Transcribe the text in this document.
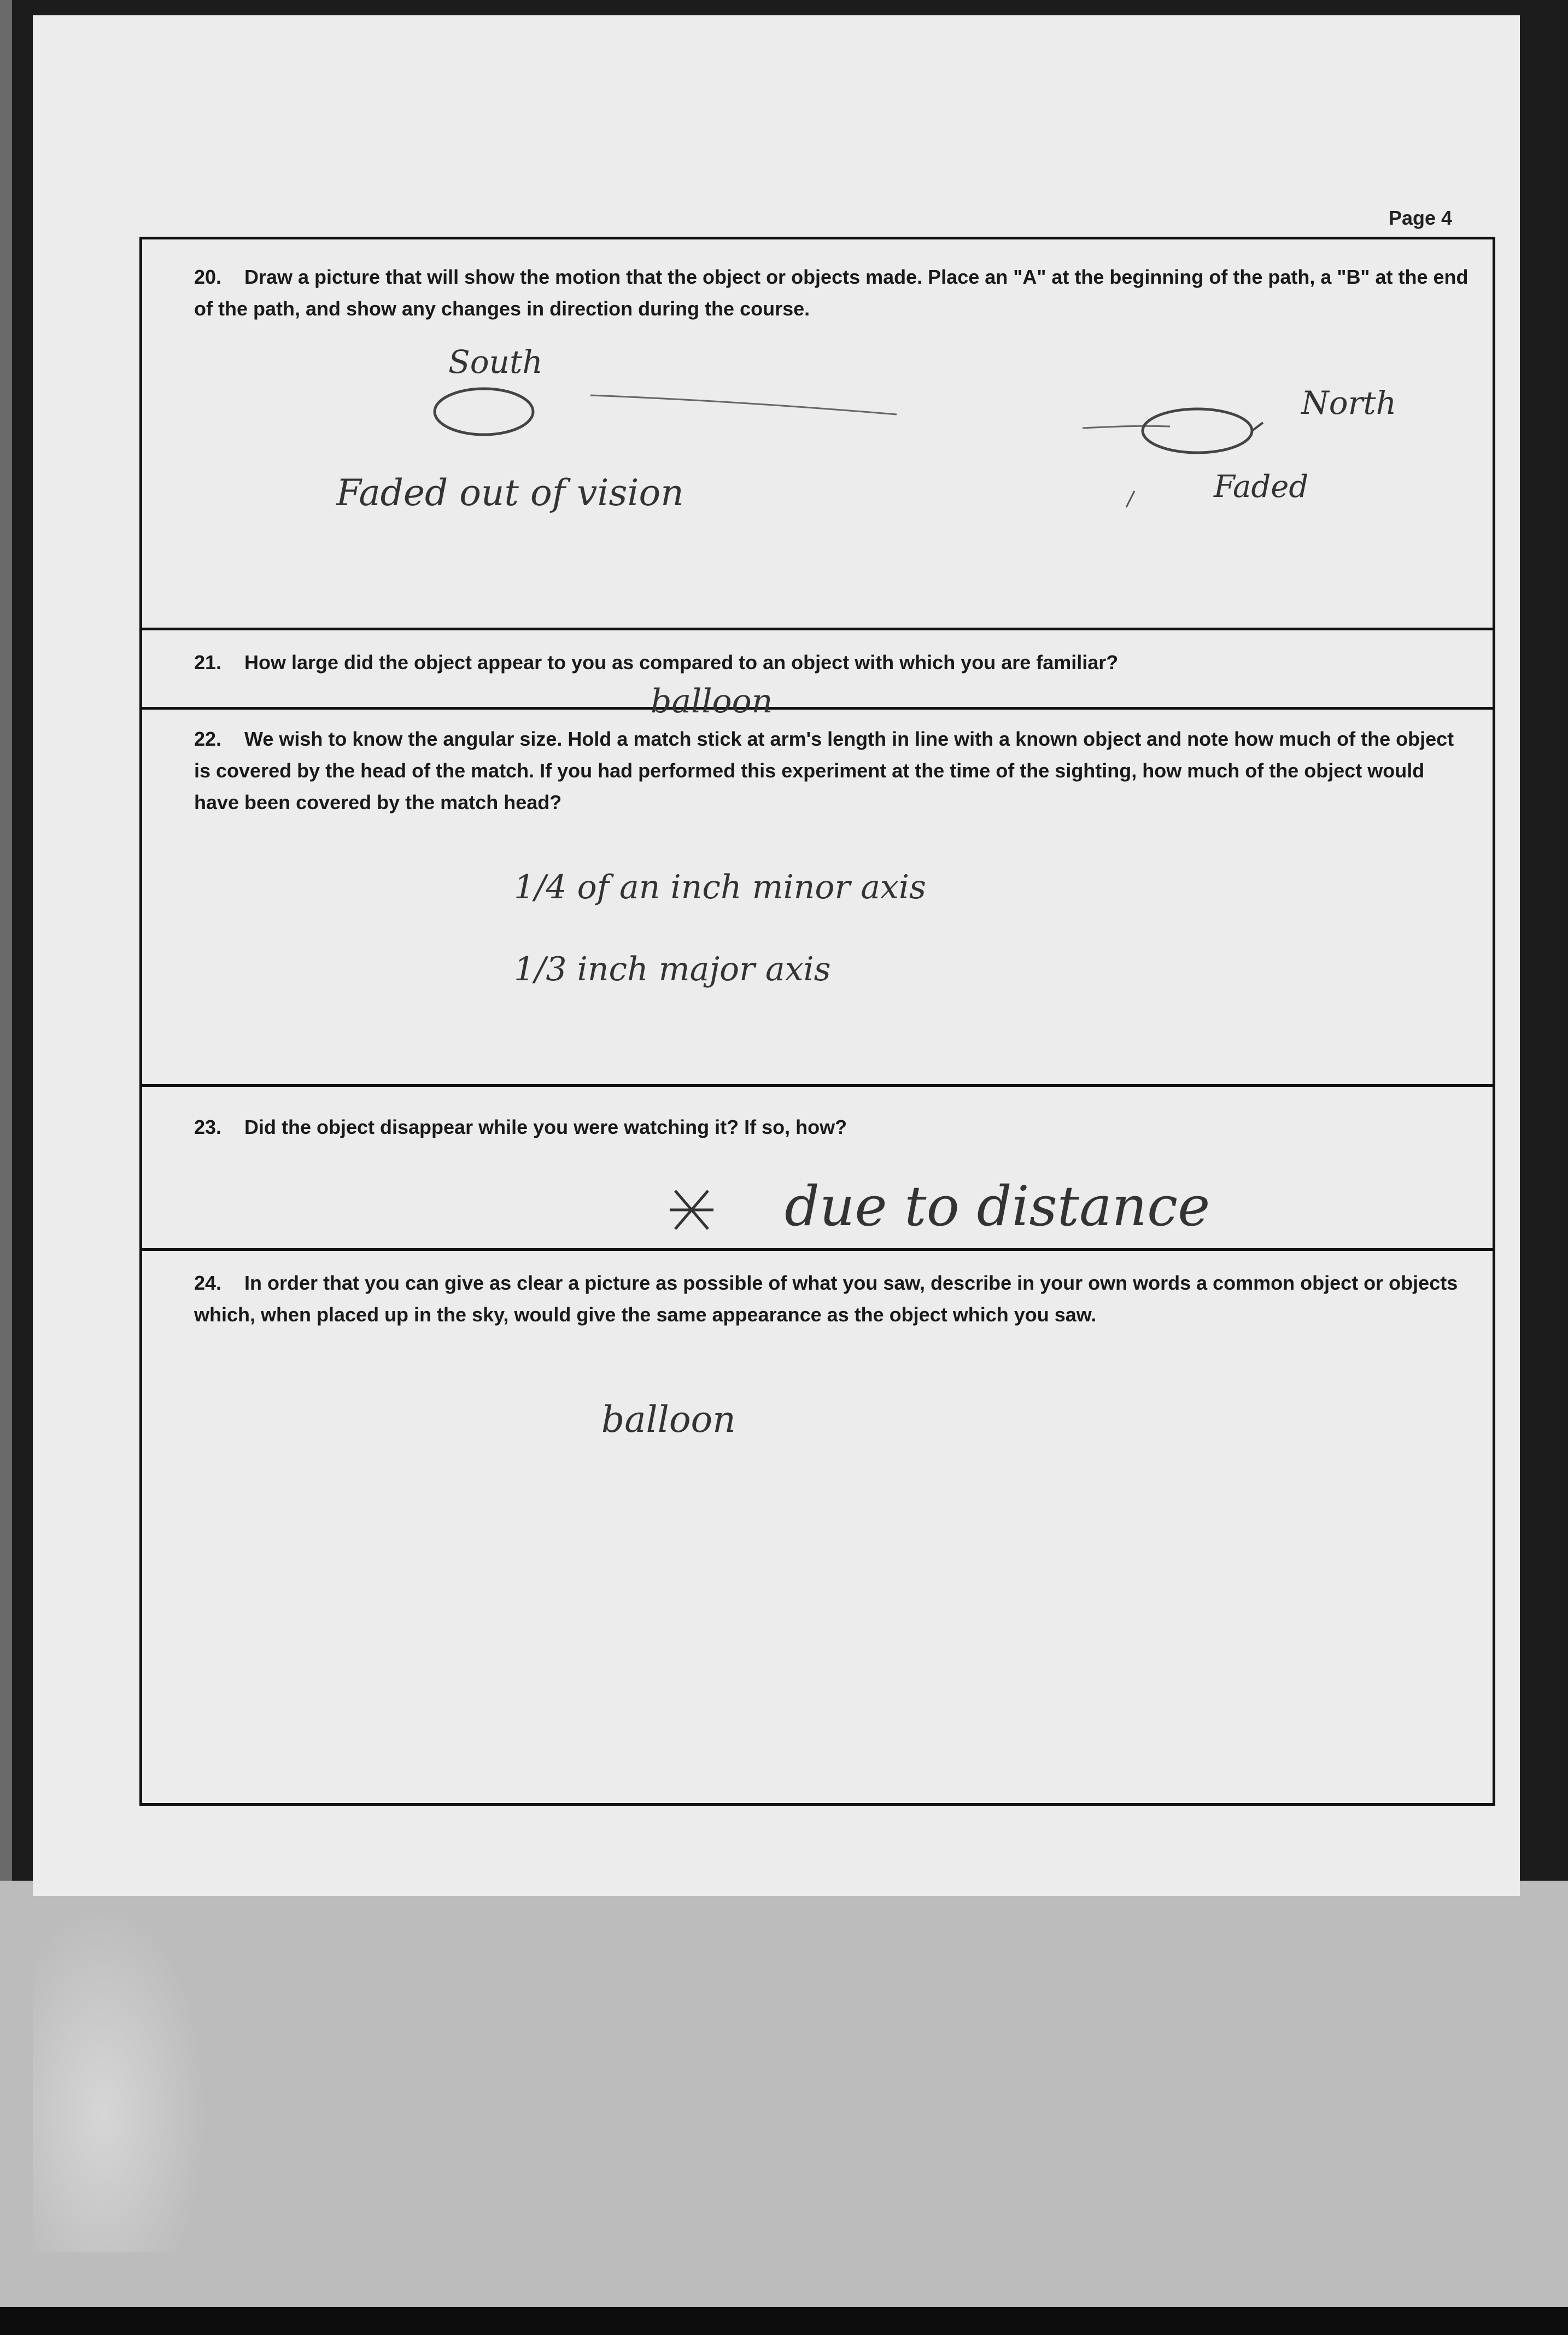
Page 4
20. Draw a picture that will show the motion that the object or objects made. Place an "A" at the beginning of the path, a "B" at the end of the path, and show any changes in direction during the course.
South
North
Faded out of vision	Faded
21. How large did the object appear to you as compared to an object with which you are familiar?
balloon
22. We wish to know the angular size. Hold a match stick at arm's length in line with a known object and note how much of the object is covered by the head of the match. If you had performed this experiment at the time of the sighting, how much of the object would have been covered by the match head?
1/4 of an inch minor axis
1/3 inch major axis
23. Did the object disappear while you were watching it? If so, how?
due to distance
24. In order that you can give as clear a picture as possible of what you saw, describe in your own words a common object or objects which, when placed up in the sky, would give the same appearance as the object which you saw.
balloon
